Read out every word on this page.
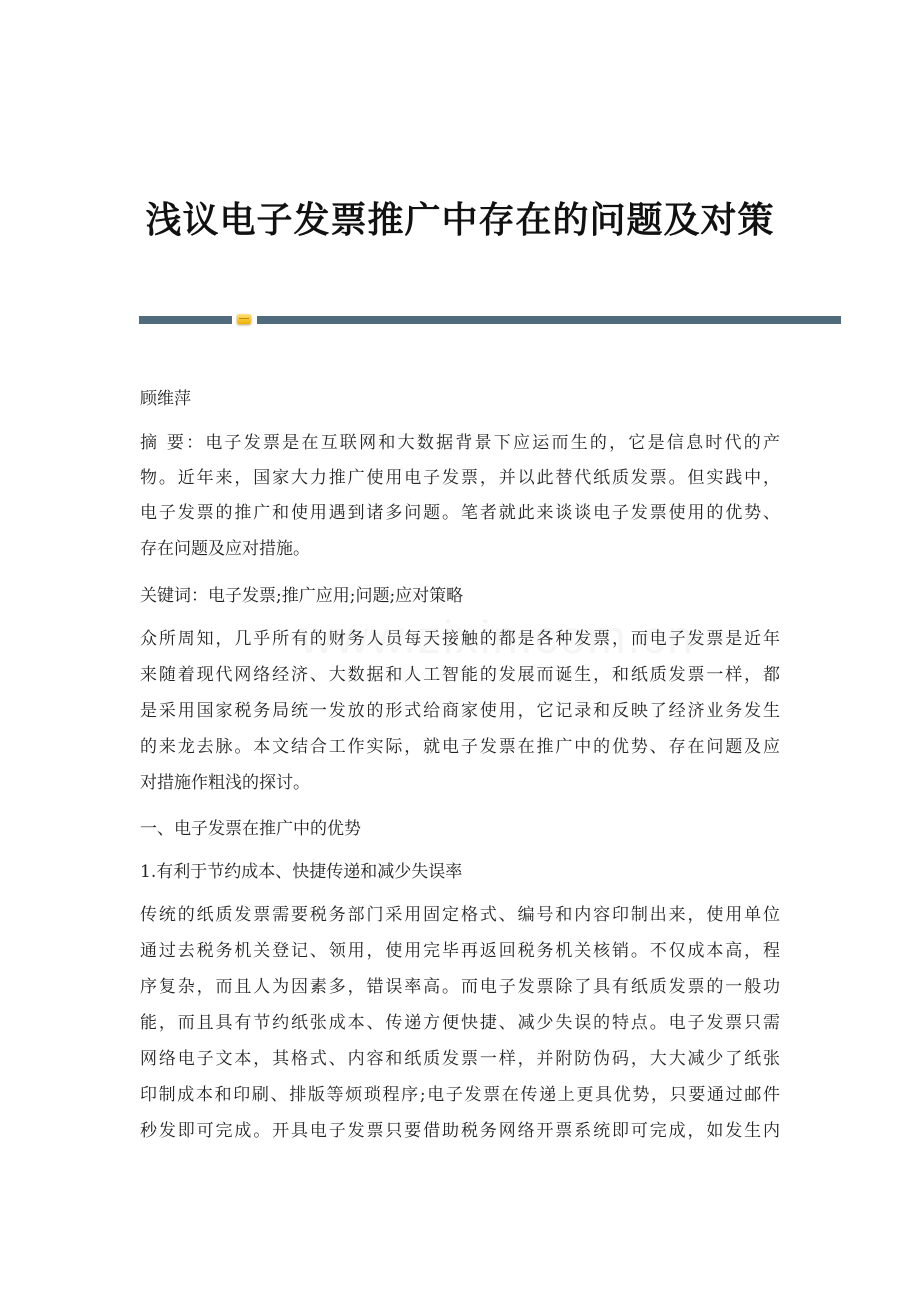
浅议电子发票推广中存在的问题及对策
顾维萍
摘 要：电子发票是在互联网和大数据背景下应运而生的，它是信息时代的产
物。近年来，国家大力推广使用电子发票，并以此替代纸质发票。但实践中，
电子发票的推广和使用遇到诸多问题。笔者就此来谈谈电子发票使用的优势、
存在问题及应对措施。
关键词：电子发票;推广应用;问题;应对策略
众所周知，几乎所有的财务人员每天接触的都是各种发票，而电子发票是近年
来随着现代网络经济、大数据和人工智能的发展而诞生，和纸质发票一样，都
是采用国家税务局统一发放的形式给商家使用，它记录和反映了经济业务发生
的来龙去脉。本文结合工作实际，就电子发票在推广中的优势、存在问题及应
对措施作粗浅的探讨。
一、电子发票在推广中的优势
1.有利于节约成本、快捷传递和减少失误率
传统的纸质发票需要税务部门采用固定格式、编号和内容印制出来，使用单位
通过去税务机关登记、领用，使用完毕再返回税务机关核销。不仅成本高，程
序复杂，而且人为因素多，错误率高。而电子发票除了具有纸质发票的一般功
能，而且具有节约纸张成本、传递方便快捷、减少失误的特点。电子发票只需
网络电子文本，其格式、内容和纸质发票一样，并附防伪码，大大减少了纸张
印制成本和印刷、排版等烦琐程序;电子发票在传递上更具优势，只要通过邮件
秒发即可完成。开具电子发票只要借助税务网络开票系统即可完成，如发生内
